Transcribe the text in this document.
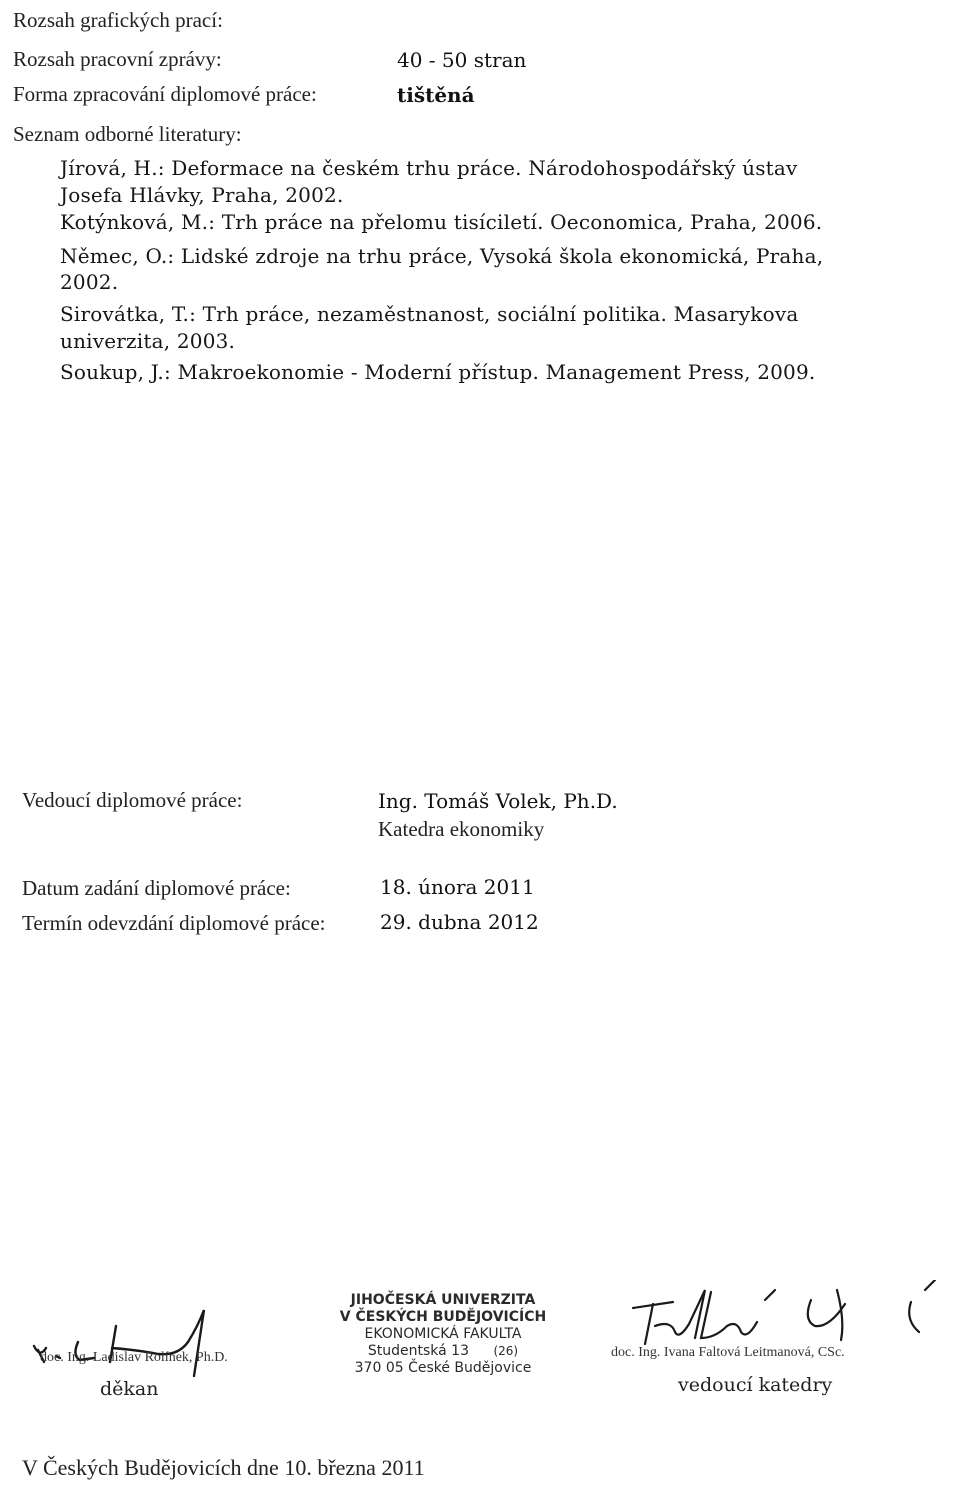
Rozsah grafických prací:
Rozsah pracovní zprávy:	40 - 50 stran
Forma zpracování diplomové práce:	tištěná
Seznam odborné literatury:
Jírová, H.: Deformace na českém trhu práce. Národohospodářský ústav
Josefa Hlávky, Praha, 2002.
Kotýnková, M.: Trh práce na přelomu tisíciletí. Oeconomica, Praha, 2006.
Němec, O.: Lidské zdroje na trhu práce, Vysoká škola ekonomická, Praha,
2002.
Sirovátka, T.: Trh práce, nezaměstnanost, sociální politika. Masarykova
univerzita, 2003.
Soukup, J.: Makroekonomie - Moderní přístup. Management Press, 2009.
Vedoucí diplomové práce:	Ing. Tomáš Volek, Ph.D.
Katedra ekonomiky
Datum zadání diplomové práce:	18. února 2011
Termín odevzdání diplomové práce:	29. dubna 2012
doc. Ing. Ladislav Rolínek, Ph.D.
děkan
JIHOČESKÁ UNIVERZITA
V ČESKÝCH BUDĚJOVICÍCH
EKONOMICKÁ FAKULTA
Studentská 13 (26)
370 05 České Budějovice
doc. Ing. Ivana Faltová Leitmanová, CSc.
vedoucí katedry
V Českých Budějovicích dne 10. března 2011
